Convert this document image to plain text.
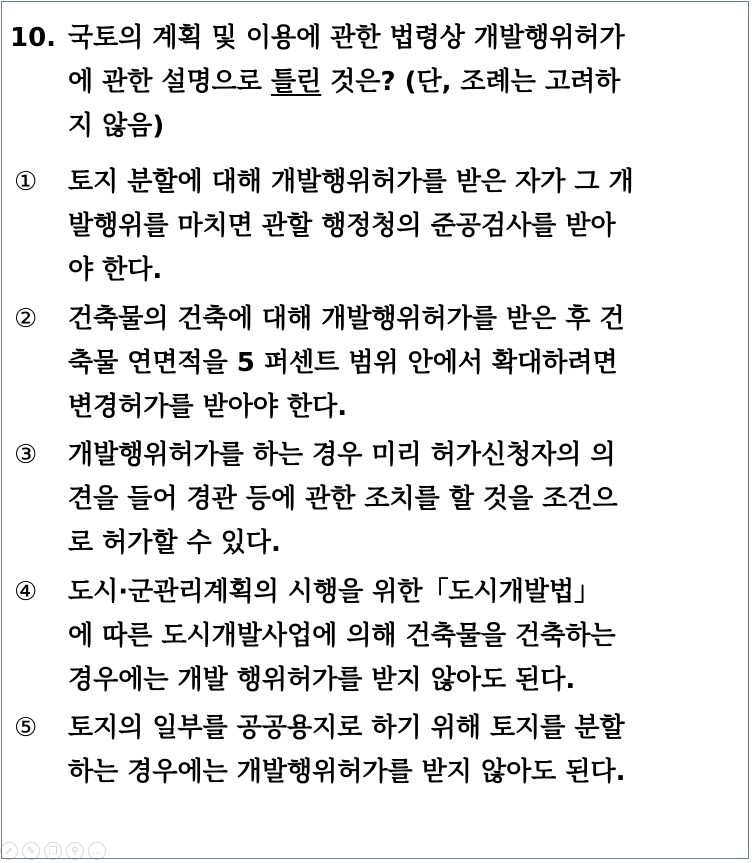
10. 국토의 계획 및 이용에 관한 법령상 개발행위허가
에 관한 설명으로 틀린 것은? (단, 조례는 고려하
지 않음)
① 토지 분할에 대해 개발행위허가를 받은 자가 그 개
발행위를 마치면 관할 행정청의 준공검사를 받아
야 한다.
② 건축물의 건축에 대해 개발행위허가를 받은 후 건
축물 연면적을 5 퍼센트 범위 안에서 확대하려면
변경허가를 받아야 한다.
③ 개발행위허가를 하는 경우 미리 허가신청자의 의
견을 들어 경관 등에 관한 조치를 할 것을 조건으
로 허가할 수 있다.
④ 도시·군관리계획의 시행을 위한「도시개발법」
에 따른 도시개발사업에 의해 건축물을 건축하는
경우에는 개발 행위허가를 받지 않아도 된다.
⑤ 토지의 일부를 공공용지로 하기 위해 토지를 분할
하는 경우에는 개발행위허가를 받지 않아도 된다.
➚	✎	❐	⚲	...
